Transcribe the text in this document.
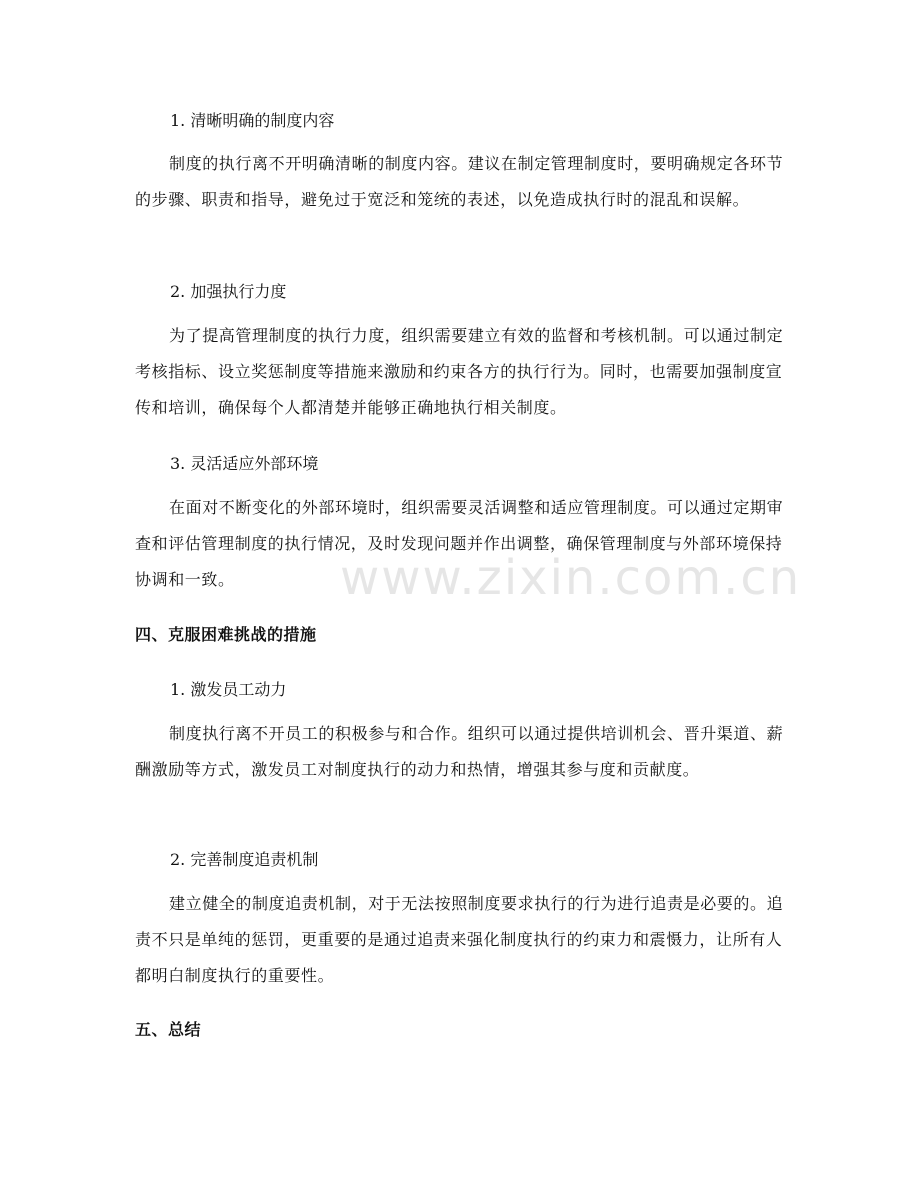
www.zixin.com.cn
1. 清晰明确的制度内容

制度的执行离不开明确清晰的制度内容。建议在制定管理制度时，要明确规定各环节的步骤、职责和指导，避免过于宽泛和笼统的表述，以免造成执行时的混乱和误解。

2. 加强执行力度

为了提高管理制度的执行力度，组织需要建立有效的监督和考核机制。可以通过制定考核指标、设立奖惩制度等措施来激励和约束各方的执行行为。同时，也需要加强制度宣传和培训，确保每个人都清楚并能够正确地执行相关制度。

3. 灵活适应外部环境

在面对不断变化的外部环境时，组织需要灵活调整和适应管理制度。可以通过定期审查和评估管理制度的执行情况，及时发现问题并作出调整，确保管理制度与外部环境保持协调和一致。

四、克服困难挑战的措施
1. 激发员工动力

制度执行离不开员工的积极参与和合作。组织可以通过提供培训机会、晋升渠道、薪酬激励等方式，激发员工对制度执行的动力和热情，增强其参与度和贡献度。

2. 完善制度追责机制

建立健全的制度追责机制，对于无法按照制度要求执行的行为进行追责是必要的。追责不只是单纯的惩罚，更重要的是通过追责来强化制度执行的约束力和震慑力，让所有人都明白制度执行的重要性。

五、总结
